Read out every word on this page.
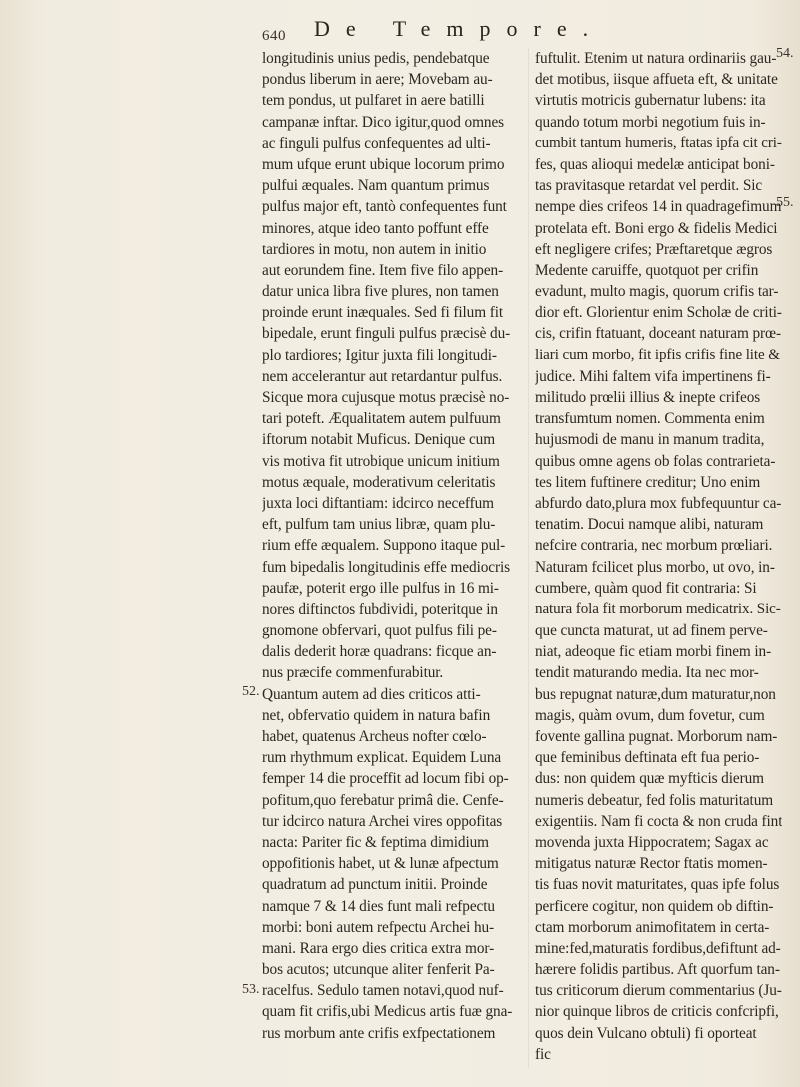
640 De Tempore.
longitudinis unius pedis, pendebatque
pondus liberum in aere; Movebam au-
tem pondus, ut pulfaret in aere batilli
campanæ inftar. Dico igitur,quod omnes
ac finguli pulfus confequentes ad ulti-
mum ufque erunt ubique locorum primo
pulfui æquales. Nam quantum primus
pulfus major eft, tantò confequentes funt
minores, atque ideo tanto poffunt effe
tardiores in motu, non autem in initio
aut eorundem fine. Item five filo appen-
datur unica libra five plures, non tamen
proinde erunt inæquales. Sed fi filum fit
bipedale, erunt finguli pulfus præcisè du-
plo tardiores; Igitur juxta fili longitudi-
nem accelerantur aut retardantur pulfus.
Sicque mora cujusque motus præcisè no-
tari poteft. Æqualitatem autem pulfuum
iftorum notabit Muficus. Denique cum
vis motiva fit utrobique unicum initium
motus æquale, moderativum celeritatis
juxta loci diftantiam: idcirco neceffum
eft, pulfum tam unius libræ, quam plu-
rium effe æqualem. Suppono itaque pul-
fum bipedalis longitudinis effe mediocris
paufæ, poterit ergo ille pulfus in 16 mi-
nores diftinctos fubdividi, poteritque in
gnomone obfervari, quot pulfus fili pe-
dalis dederit horæ quadrans: ficque an-
nus præcife commenfurabitur.
Quantum autem ad dies criticos atti-
net, obfervatio quidem in natura bafin
habet, quatenus Archeus nofter cœlo-
rum rhythmum explicat. Equidem Luna
femper 14 die proceffit ad locum fibi op-
pofitum,quo ferebatur primâ die. Cenfe-
tur idcirco natura Archei vires oppofitas
nacta: Pariter fic & feptima dimidium
oppofitionis habet, ut & lunæ afpectum
quadratum ad punctum initii. Proinde
namque 7 & 14 dies funt mali refpectu
morbi: boni autem refpectu Archei hu-
mani. Rara ergo dies critica extra mor-
bos acutos; utcunque aliter fenferit Pa-
racelfus. Sedulo tamen notavi,quod nuf-
quam fit crifis,ubi Medicus artis fuæ gna-
rus morbum ante crifis exfpectationem
fuftulit. Etenim ut natura ordinariis gau-
det motibus, iisque affueta eft, & unitate
virtutis motricis gubernatur lubens: ita
quando totum morbi negotium fuis in-
cumbit tantum humeris, ftatas ipfa cit cri-
fes, quas alioqui medelæ anticipat boni-
tas pravitasque retardat vel perdit. Sic
nempe dies crifeos 14 in quadragefimum
protelata eft. Boni ergo & fidelis Medici
eft negligere crifes; Præftaretque ægros
Medente caruiffe, quotquot per crifin
evadunt, multo magis, quorum crifis tar-
dior eft. Glorientur enim Scholæ de criti-
cis, crifin ftatuant, doceant naturam prœ-
liari cum morbo, fit ipfis crifis fine lite &
judice. Mihi faltem vifa impertinens fi-
militudo prœlii illius & inepte crifeos
transfumtum nomen. Commenta enim
hujusmodi de manu in manum tradita,
quibus omne agens ob folas contrarieta-
tes litem fuftinere creditur; Uno enim
abfurdo dato,plura mox fubfequuntur ca-
tenatim. Docui namque alibi, naturam
nefcire contraria, nec morbum prœliari.
Naturam fcilicet plus morbo, ut ovo, in-
cumbere, quàm quod fit contraria: Si
natura fola fit morborum medicatrix. Sic-
que cuncta maturat, ut ad finem perve-
niat, adeoque fic etiam morbi finem in-
tendit maturando media. Ita nec mor-
bus repugnat naturæ,dum maturatur,non
magis, quàm ovum, dum fovetur, cum
fovente gallina pugnat. Morborum nam-
que feminibus deftinata eft fua perio-
dus: non quidem quæ myfticis dierum
numeris debeatur, fed folis maturitatum
exigentiis. Nam fi cocta & non cruda fint
movenda juxta Hippocratem; Sagax ac
mitigatus naturæ Rector ftatis momen-
tis fuas novit maturitates, quas ipfe folus
perficere cogitur, non quidem ob diftin-
ctam morborum animofitatem in certa-
mine:fed,maturatis fordibus,defiftunt ad-
hærere folidis partibus. Aft quorfum tan-
tus criticorum dierum commentarius (Ju-
nior quinque libros de criticis confcripfi,
quos dein Vulcano obtuli) fi oporteat
fic
52.
53.
54.
55.
